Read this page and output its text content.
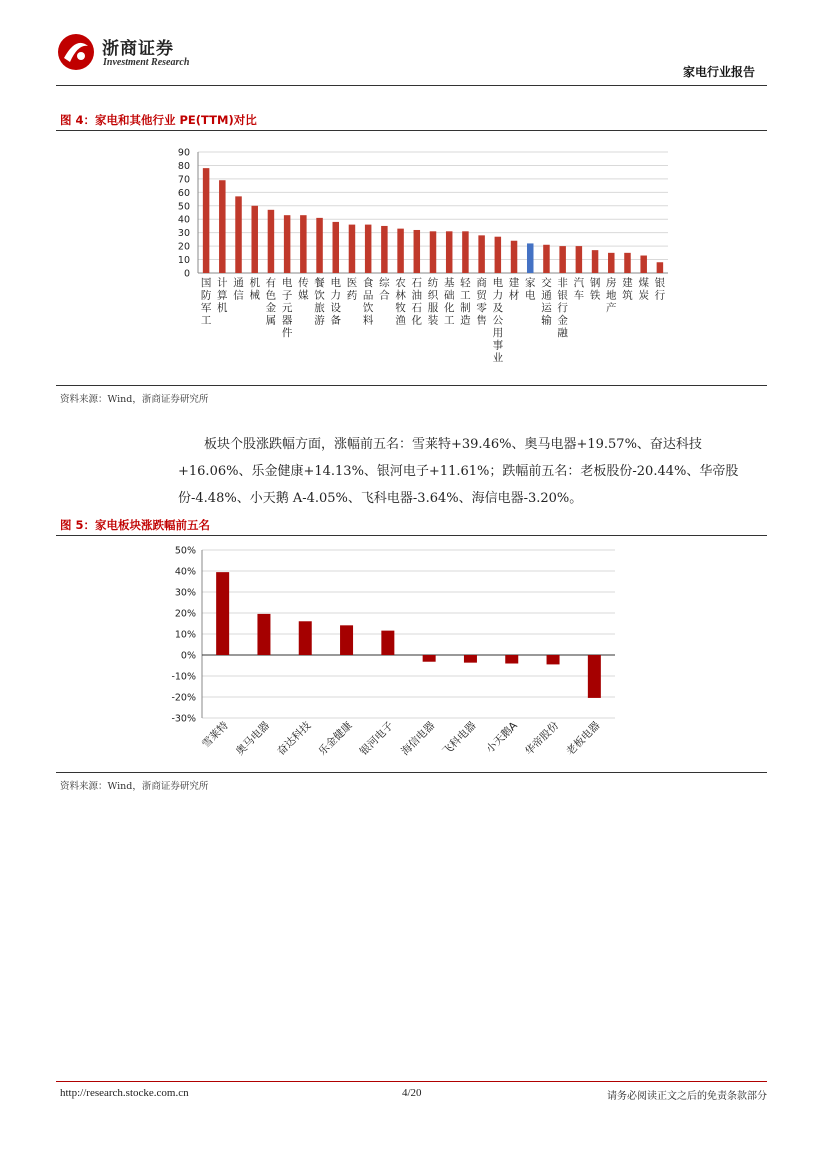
浙商证券
Investment Research
家电行业报告
图 4：家电和其他行业 PE(TTM)对比
0
10
20
30
40
50
60
70
80
90
国防军工
计算机
通信
机械
有色金属
电子元器件
传媒
餐饮旅游
电力设备
医药
食品饮料
综合
农林牧渔
石油石化
纺织服装
基础化工
轻工制造
商贸零售
电力及公用事业
建材
家电
交通运输
非银行金融
汽车
钢铁
房地产
建筑
煤炭
银行
资料来源：Wind，浙商证券研究所
板块个股涨跌幅方面，涨幅前五名：雪莱特+39.46%、奥马电器+19.57%、奋达科技
+16.06%、乐金健康+14.13%、银河电子+11.61%；跌幅前五名：老板股份-20.44%、华帝股
份-4.48%、小天鹅 A-4.05%、飞科电器-3.64%、海信电器-3.20%。
图 5：家电板块涨跌幅前五名
-30%
-20%
-10%
0%
10%
20%
30%
40%
50%
雪莱特 奥马电器 奋达科技 乐金健康 银河电子 海信电器 飞科电器 小天鹅A 华帝股份 老板电器
资料来源：Wind，浙商证券研究所
http://research.stocke.com.cn	4/20	请务必阅读正文之后的免责条款部分
